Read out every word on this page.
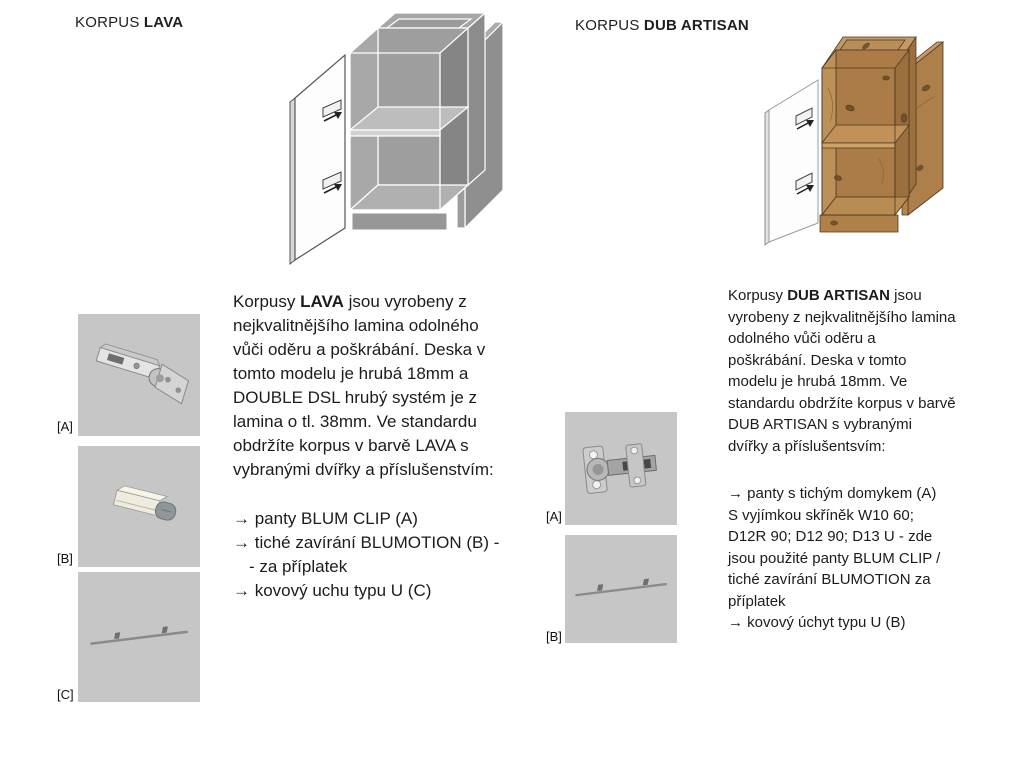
KORPUS LAVA
[A]
[B]
[C]

Korpusy LAVA jsou vyrobeny z nejkvalitnějšího lamina odolného vůči oděru a poškrábání. Deska v tomto modelu je hrubá 18mm a DOUBLE DSL hrubý systém je z lamina o tl. 38mm. Ve standardu obdržíte korpus v barvě LAVA s vybranými dvířky a příslušenstvím:

→ panty BLUM CLIP (A)

→ tiché zavírání BLUMOTION (B) -
- za příplatek

→ kovový uchu typu U (C)

KORPUS DUB ARTISAN
[A]
[B]

Korpusy DUB ARTISAN jsou vyrobeny z nejkvalitnějšího lamina odolného vůči oděru a poškrábání. Deska v tomto modelu je hrubá 18mm. Ve standardu obdržíte korpus v barvě DUB ARTISAN s vybranými dvířky a příslušentsvím:

→ panty s tichým domykem (A)
S vyjímkou skříněk W10 60; D12R 90; D12 90; D13 U - zde jsou použité panty BLUM CLIP / tiché zavírání BLUMOTION za příplatek

→ kovový úchyt typu U (B)
